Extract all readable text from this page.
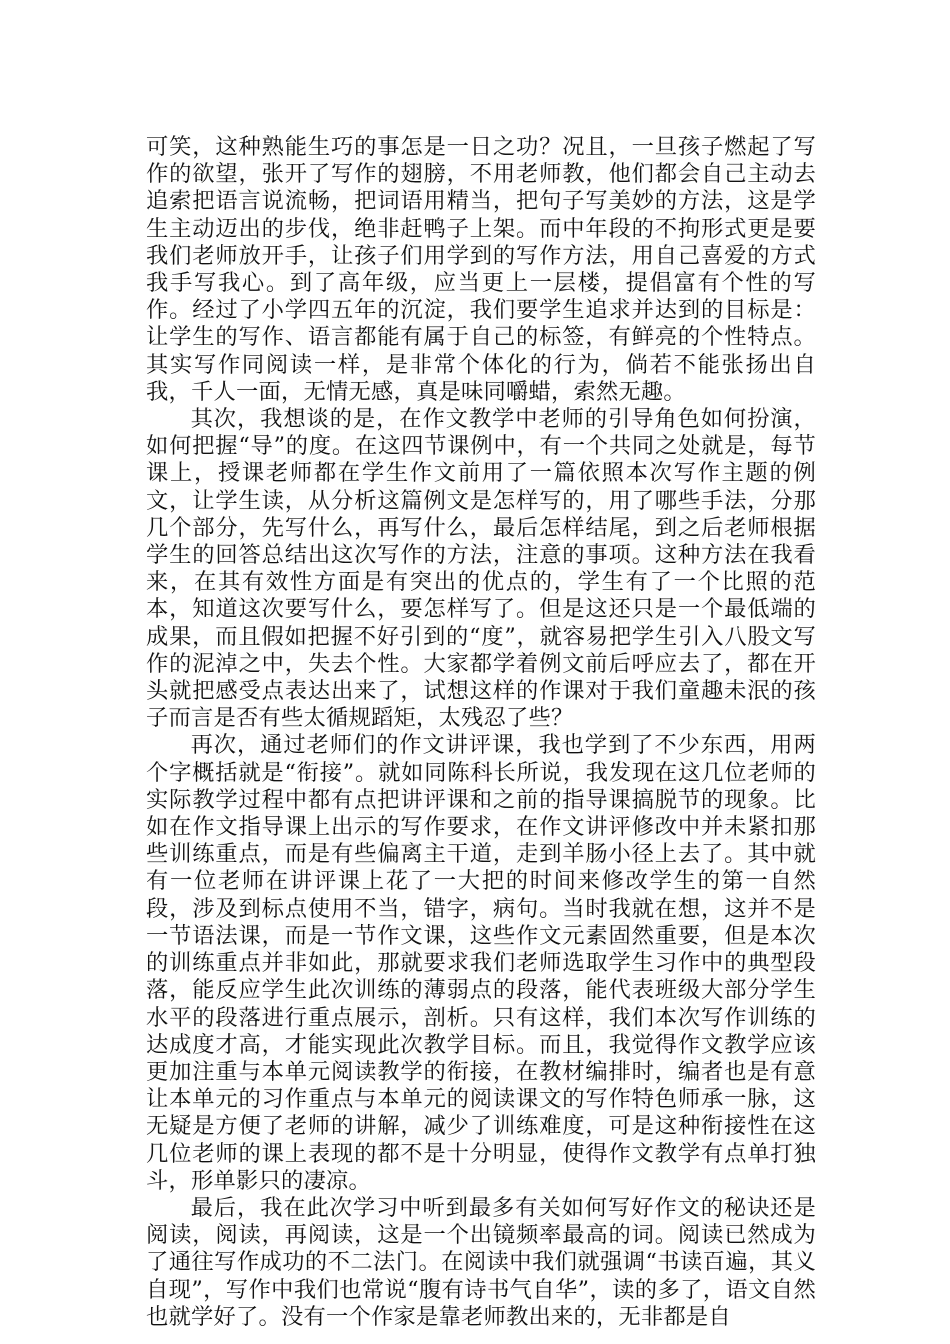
可笑，这种熟能生巧的事怎是一日之功？况且，一旦孩子燃起了写作的欲望，张开了写作的翅膀，不用老师教，他们都会自己主动去追索把语言说流畅，把词语用精当，把句子写美妙的方法，这是学生主动迈出的步伐，绝非赶鸭子上架。而中年段的不拘形式更是要我们老师放开手，让孩子们用学到的写作方法，用自己喜爱的方式我手写我心。到了高年级，应当更上一层楼，提倡富有个性的写作。经过了小学四五年的沉淀，我们要学生追求并达到的目标是：让学生的写作、语言都能有属于自己的标签，有鲜亮的个性特点。其实写作同阅读一样，是非常个体化的行为，倘若不能张扬出自我，千人一面，无情无感，真是味同嚼蜡，索然无趣。

其次，我想谈的是，在作文教学中老师的引导角色如何扮演，如何把握“导”的度。在这四节课例中，有一个共同之处就是，每节课上，授课老师都在学生作文前用了一篇依照本次写作主题的例文，让学生读，从分析这篇例文是怎样写的，用了哪些手法，分那几个部分，先写什么，再写什么，最后怎样结尾，到之后老师根据学生的回答总结出这次写作的方法，注意的事项。这种方法在我看来，在其有效性方面是有突出的优点的，学生有了一个比照的范本，知道这次要写什么，要怎样写了。但是这还只是一个最低端的成果，而且假如把握不好引到的“度”，就容易把学生引入八股文写作的泥淖之中，失去个性。大家都学着例文前后呼应去了，都在开头就把感受点表达出来了，试想这样的作课对于我们童趣未泯的孩子而言是否有些太循规蹈矩，太残忍了些？

再次，通过老师们的作文讲评课，我也学到了不少东西，用两个字概括就是“衔接”。就如同陈科长所说，我发现在这几位老师的实际教学过程中都有点把讲评课和之前的指导课搞脱节的现象。比如在作文指导课上出示的写作要求，在作文讲评修改中并未紧扣那些训练重点，而是有些偏离主干道，走到羊肠小径上去了。其中就有一位老师在讲评课上花了一大把的时间来修改学生的第一自然段，涉及到标点使用不当，错字，病句。当时我就在想，这并不是一节语法课，而是一节作文课，这些作文元素固然重要，但是本次的训练重点并非如此，那就要求我们老师选取学生习作中的典型段落，能反应学生此次训练的薄弱点的段落，能代表班级大部分学生水平的段落进行重点展示，剖析。只有这样，我们本次写作训练的达成度才高，才能实现此次教学目标。而且，我觉得作文教学应该更加注重与本单元阅读教学的衔接，在教材编排时，编者也是有意让本单元的习作重点与本单元的阅读课文的写作特色师承一脉，这无疑是方便了老师的讲解，减少了训练难度，可是这种衔接性在这几位老师的课上表现的都不是十分明显，使得作文教学有点单打独斗，形单影只的凄凉。

最后，我在此次学习中听到最多有关如何写好作文的秘诀还是阅读，阅读，再阅读，这是一个出镜频率最高的词。阅读已然成为了通往写作成功的不二法门。在阅读中我们就强调“书读百遍，其义自现”，写作中我们也常说“腹有诗书气自华”，读的多了，语文自然也就学好了。没有一个作家是靠老师教出来的，无非都是自
